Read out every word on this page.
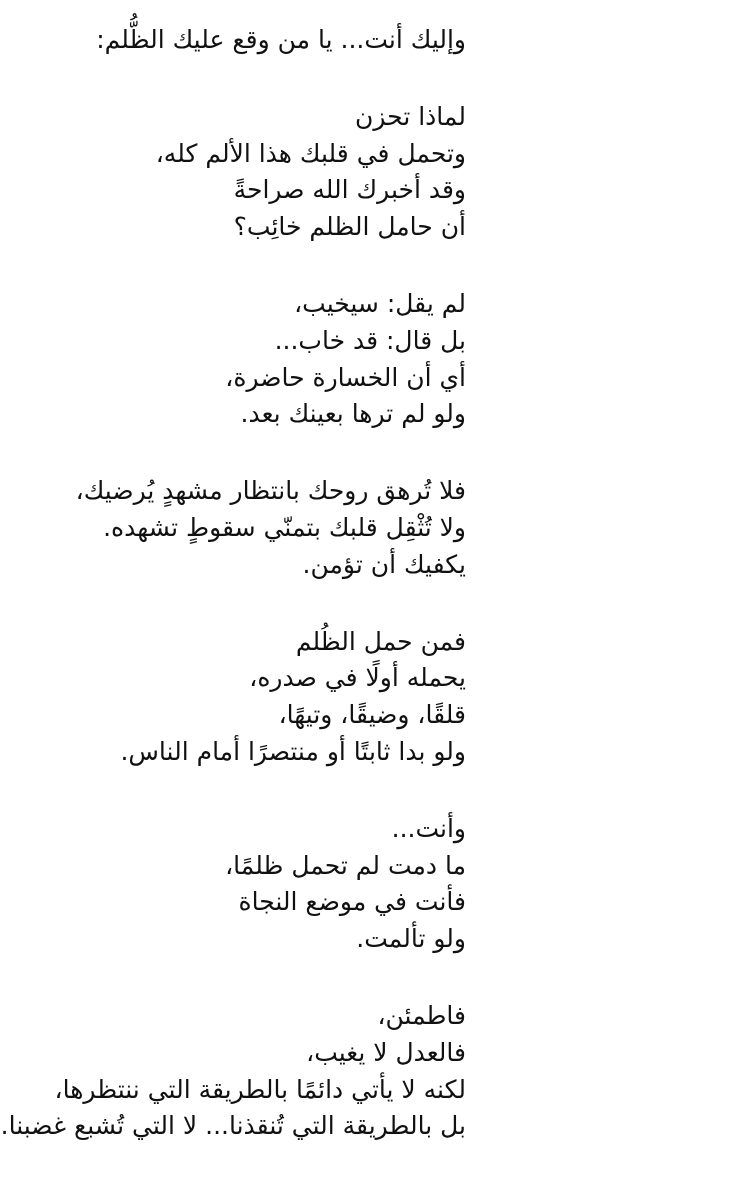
وإليك أنت... يا من وقع عليك الظُّلم:
لماذا تحزن
وتحمل في قلبك هذا الألم كله،
وقد أخبرك الله صراحةً
أن حامل الظلم خائِب؟
لم يقل: سيخيب،
بل قال: قد خاب...
أي أن الخسارة حاضرة،
ولو لم ترها بعينك بعد.
فلا تُرهق روحك بانتظار مشهدٍ يُرضيك،
ولا تُثْقِل قلبك بتمنّي سقوطٍ تشهده.
يكفيك أن تؤمن.
فمن حمل الظُلم
يحمله أولًا في صدره،
قلقًا، وضيقًا، وتيهًا،
ولو بدا ثابتًا أو منتصرًا أمام الناس.
وأنت...
ما دمت لم تحمل ظلمًا،
فأنت في موضع النجاة
ولو تألمت.
فاطمئن،
فالعدل لا يغيب،
لكنه لا يأتي دائمًا بالطريقة التي ننتظرها،
بل بالطريقة التي تُنقذنا... لا التي تُشبع غضبنا.
